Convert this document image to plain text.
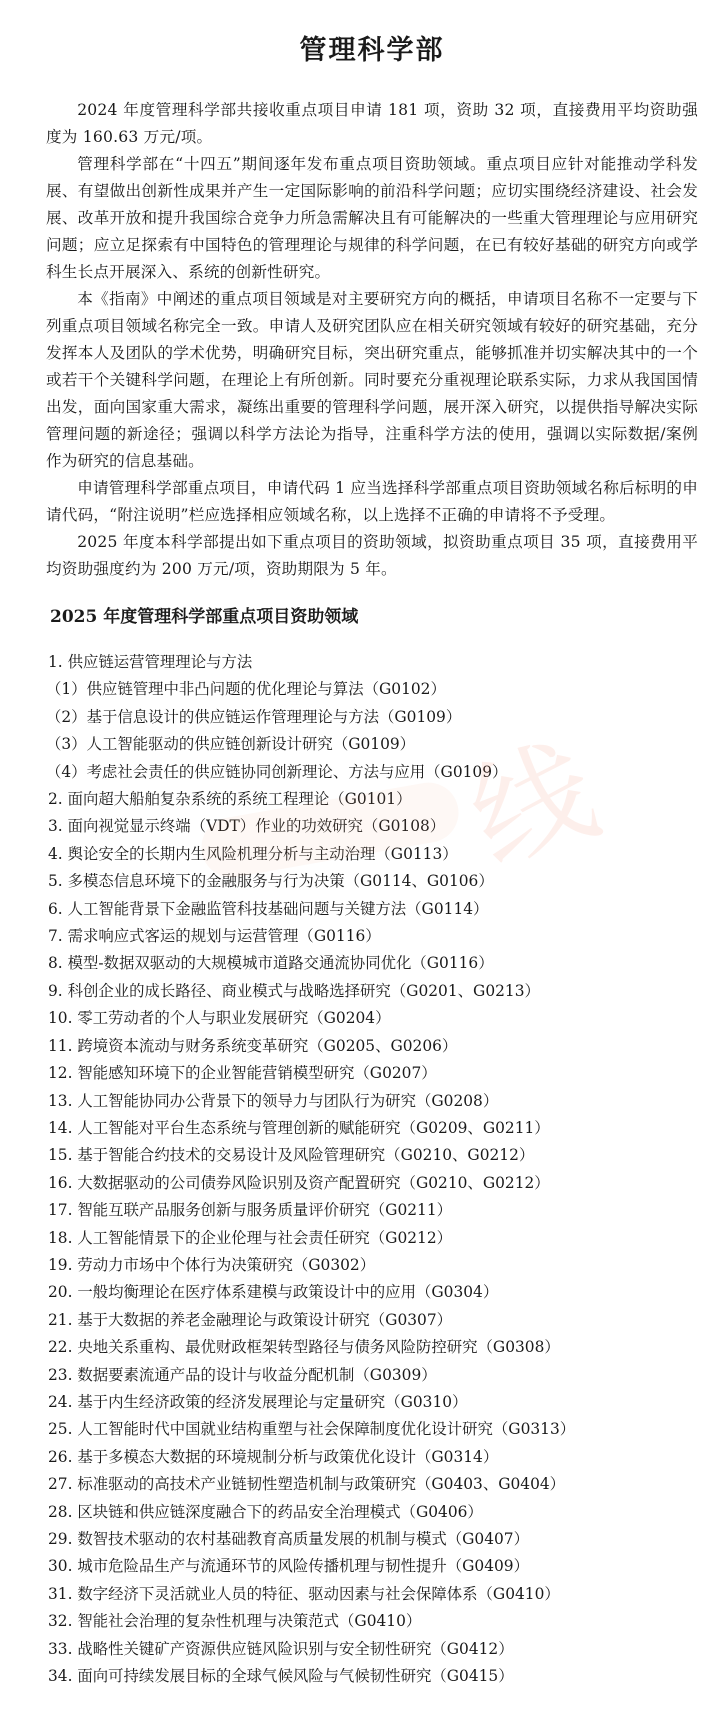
线
管理科学部

2024 年度管理科学部共接收重点项目申请 181 项，资助 32 项，直接费用平均资助强度为 160.63 万元/项。

管理科学部在“十四五”期间逐年发布重点项目资助领域。重点项目应针对能推动学科发展、有望做出创新性成果并产生一定国际影响的前沿科学问题；应切实围绕经济建设、社会发展、改革开放和提升我国综合竞争力所急需解决且有可能解决的一些重大管理理论与应用研究问题；应立足探索有中国特色的管理理论与规律的科学问题，在已有较好基础的研究方向或学科生长点开展深入、系统的创新性研究。

本《指南》中阐述的重点项目领域是对主要研究方向的概括，申请项目名称不一定要与下列重点项目领域名称完全一致。申请人及研究团队应在相关研究领域有较好的研究基础，充分发挥本人及团队的学术优势，明确研究目标，突出研究重点，能够抓准并切实解决其中的一个或若干个关键科学问题，在理论上有所创新。同时要充分重视理论联系实际，力求从我国国情出发，面向国家重大需求，凝练出重要的管理科学问题，展开深入研究，以提供指导解决实际管理问题的新途径；强调以科学方法论为指导，注重科学方法的使用，强调以实际数据/案例作为研究的信息基础。

申请管理科学部重点项目，申请代码 1 应当选择科学部重点项目资助领域名称后标明的申请代码，“附注说明”栏应选择相应领域名称，以上选择不正确的申请将不予受理。

2025 年度本科学部提出如下重点项目的资助领域，拟资助重点项目 35 项，直接费用平均资助强度约为 200 万元/项，资助期限为 5 年。

2025 年度管理科学部重点项目资助领域
1. 供应链运营管理理论与方法
（1）供应链管理中非凸问题的优化理论与算法（G0102）
（2）基于信息设计的供应链运作管理理论与方法（G0109）
（3）人工智能驱动的供应链创新设计研究（G0109）
（4）考虑社会责任的供应链协同创新理论、方法与应用（G0109）
2. 面向超大船舶复杂系统的系统工程理论（G0101）
3. 面向视觉显示终端（VDT）作业的功效研究（G0108）
4. 舆论安全的长期内生风险机理分析与主动治理（G0113）
5. 多模态信息环境下的金融服务与行为决策（G0114、G0106）
6. 人工智能背景下金融监管科技基础问题与关键方法（G0114）
7. 需求响应式客运的规划与运营管理（G0116）
8. 模型-数据双驱动的大规模城市道路交通流协同优化（G0116）
9. 科创企业的成长路径、商业模式与战略选择研究（G0201、G0213）
10. 零工劳动者的个人与职业发展研究（G0204）
11. 跨境资本流动与财务系统变革研究（G0205、G0206）
12. 智能感知环境下的企业智能营销模型研究（G0207）
13. 人工智能协同办公背景下的领导力与团队行为研究（G0208）
14. 人工智能对平台生态系统与管理创新的赋能研究（G0209、G0211）
15. 基于智能合约技术的交易设计及风险管理研究（G0210、G0212）
16. 大数据驱动的公司债券风险识别及资产配置研究（G0210、G0212）
17. 智能互联产品服务创新与服务质量评价研究（G0211）
18. 人工智能情景下的企业伦理与社会责任研究（G0212）
19. 劳动力市场中个体行为决策研究（G0302）
20. 一般均衡理论在医疗体系建模与政策设计中的应用（G0304）
21. 基于大数据的养老金融理论与政策设计研究（G0307）
22. 央地关系重构、最优财政框架转型路径与债务风险防控研究（G0308）
23. 数据要素流通产品的设计与收益分配机制（G0309）
24. 基于内生经济政策的经济发展理论与定量研究（G0310）
25. 人工智能时代中国就业结构重塑与社会保障制度优化设计研究（G0313）
26. 基于多模态大数据的环境规制分析与政策优化设计（G0314）
27. 标准驱动的高技术产业链韧性塑造机制与政策研究（G0403、G0404）
28. 区块链和供应链深度融合下的药品安全治理模式（G0406）
29. 数智技术驱动的农村基础教育高质量发展的机制与模式（G0407）
30. 城市危险品生产与流通环节的风险传播机理与韧性提升（G0409）
31. 数字经济下灵活就业人员的特征、驱动因素与社会保障体系（G0410）
32. 智能社会治理的复杂性机理与决策范式（G0410）
33. 战略性关键矿产资源供应链风险识别与安全韧性研究（G0412）
34. 面向可持续发展目标的全球气候风险与气候韧性研究（G0415）
